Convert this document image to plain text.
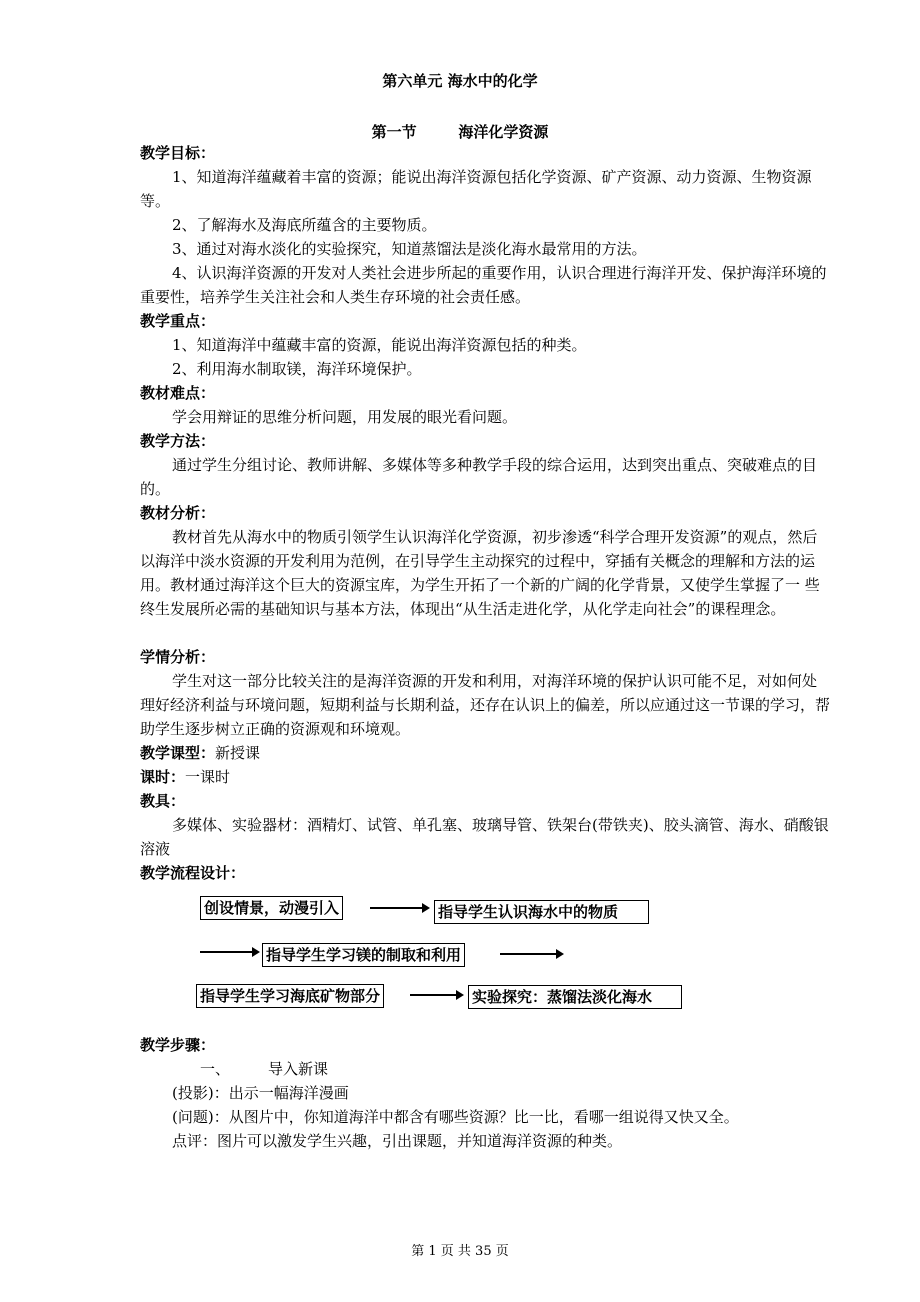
第六单元 海水中的化学
第一节        海洋化学资源
教学目标：
1、知道海洋蕴藏着丰富的资源；能说出海洋资源包括化学资源、矿产资源、动力资源、生物资源等。
2、了解海水及海底所蕴含的主要物质。
3、通过对海水淡化的实验探究，知道蒸馏法是淡化海水最常用的方法。
4、认识海洋资源的开发对人类社会进步所起的重要作用，认识合理进行海洋开发、保护海洋环境的重要性，培养学生关注社会和人类生存环境的社会责任感。
教学重点：
1、知道海洋中蕴藏丰富的资源，能说出海洋资源包括的种类。
2、利用海水制取镁，海洋环境保护。
教材难点：
学会用辩证的思维分析问题，用发展的眼光看问题。
教学方法：
通过学生分组讨论、教师讲解、多媒体等多种教学手段的综合运用，达到突出重点、突破难点的目的。
教材分析：
教材首先从海水中的物质引领学生认识海洋化学资源，初步渗透“科学合理开发资源”的观点，然后以海洋中淡水资源的开发利用为范例，在引导学生主动探究的过程中，穿插有关概念的理解和方法的运用。教材通过海洋这个巨大的资源宝库，为学生开拓了一个新的广阔的化学背景，又使学生掌握了一 些终生发展所必需的基础知识与基本方法，体现出“从生活走进化学，从化学走向社会”的课程理念。
学情分析：
学生对这一部分比较关注的是海洋资源的开发和利用，对海洋环境的保护认识可能不足，对如何处理好经济利益与环境问题，短期利益与长期利益，还存在认识上的偏差，所以应通过这一节课的学习，帮助学生逐步树立正确的资源观和环境观。
教学课型：新授课
课时：一课时
教具：
多媒体、实验器材：酒精灯、试管、单孔塞、玻璃导管、铁架台(带铁夹)、胶头滴管、海水、硝酸银溶液
教学流程设计：
创设情景，动漫引入	指导学生认识海水中的物质
指导学生学习镁的制取和利用
指导学生学习海底矿物部分	实验探究：蒸馏法淡化海水
教学步骤：
一、	导入新课
(投影)：出示一幅海洋漫画
(问题)：从图片中，你知道海洋中都含有哪些资源？比一比，看哪一组说得又快又全。
点评：图片可以激发学生兴趣，引出课题，并知道海洋资源的种类。
第 1 页 共 35 页
